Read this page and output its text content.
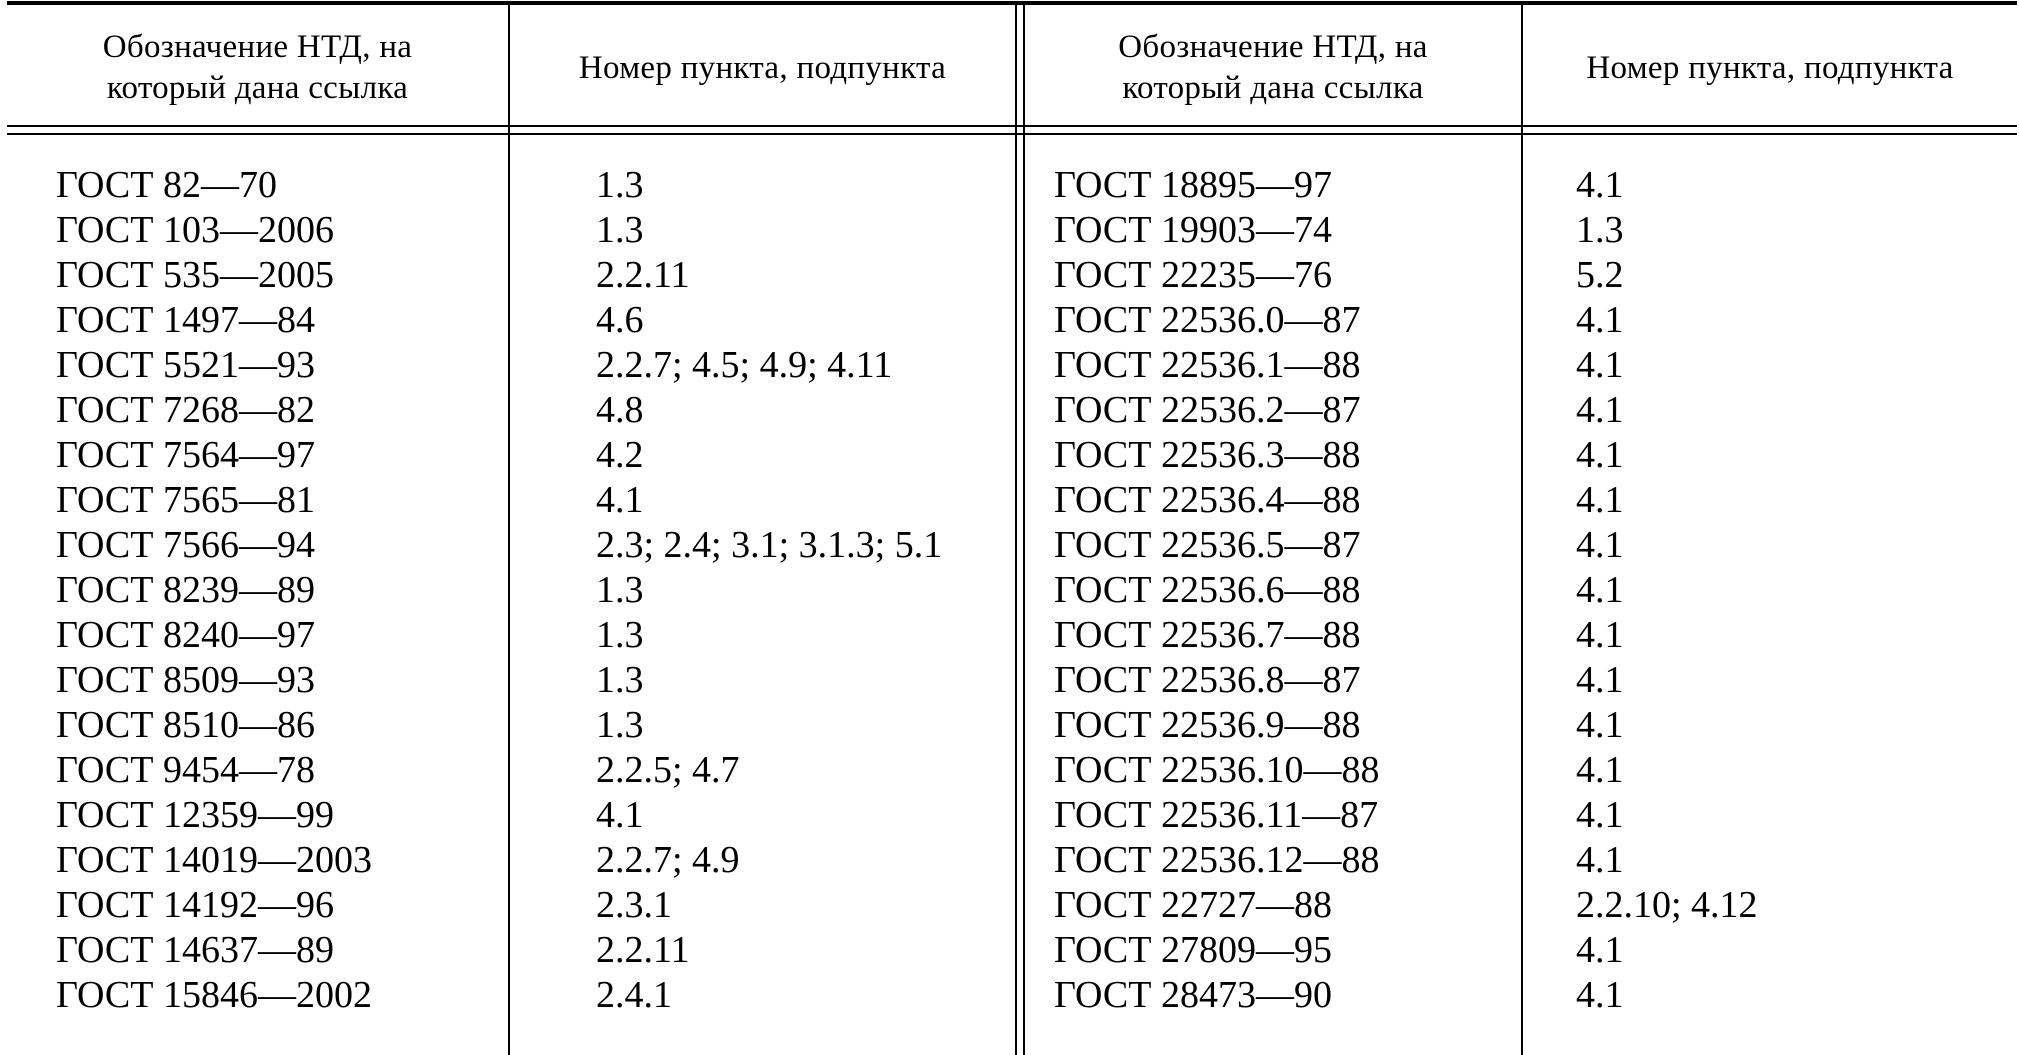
Обозначение НТД, на
который дана ссылка
Номер пункта, подпункта
Обозначение НТД, на
который дана ссылка
Номер пункта, подпункта
ГОСТ 82—70
ГОСТ 103—2006
ГОСТ 535—2005
ГОСТ 1497—84
ГОСТ 5521—93
ГОСТ 7268—82
ГОСТ 7564—97
ГОСТ 7565—81
ГОСТ 7566—94
ГОСТ 8239—89
ГОСТ 8240—97
ГОСТ 8509—93
ГОСТ 8510—86
ГОСТ 9454—78
ГОСТ 12359—99
ГОСТ 14019—2003
ГОСТ 14192—96
ГОСТ 14637—89
ГОСТ 15846—2002
1.3
1.3
2.2.11
4.6
2.2.7; 4.5; 4.9; 4.11
4.8
4.2
4.1
2.3; 2.4; 3.1; 3.1.3; 5.1
1.3
1.3
1.3
1.3
2.2.5; 4.7
4.1
2.2.7; 4.9
2.3.1
2.2.11
2.4.1
ГОСТ 18895—97
ГОСТ 19903—74
ГОСТ 22235—76
ГОСТ 22536.0—87
ГОСТ 22536.1—88
ГОСТ 22536.2—87
ГОСТ 22536.3—88
ГОСТ 22536.4—88
ГОСТ 22536.5—87
ГОСТ 22536.6—88
ГОСТ 22536.7—88
ГОСТ 22536.8—87
ГОСТ 22536.9—88
ГОСТ 22536.10—88
ГОСТ 22536.11—87
ГОСТ 22536.12—88
ГОСТ 22727—88
ГОСТ 27809—95
ГОСТ 28473—90
4.1
1.3
5.2
4.1
4.1
4.1
4.1
4.1
4.1
4.1
4.1
4.1
4.1
4.1
4.1
4.1
2.2.10; 4.12
4.1
4.1
